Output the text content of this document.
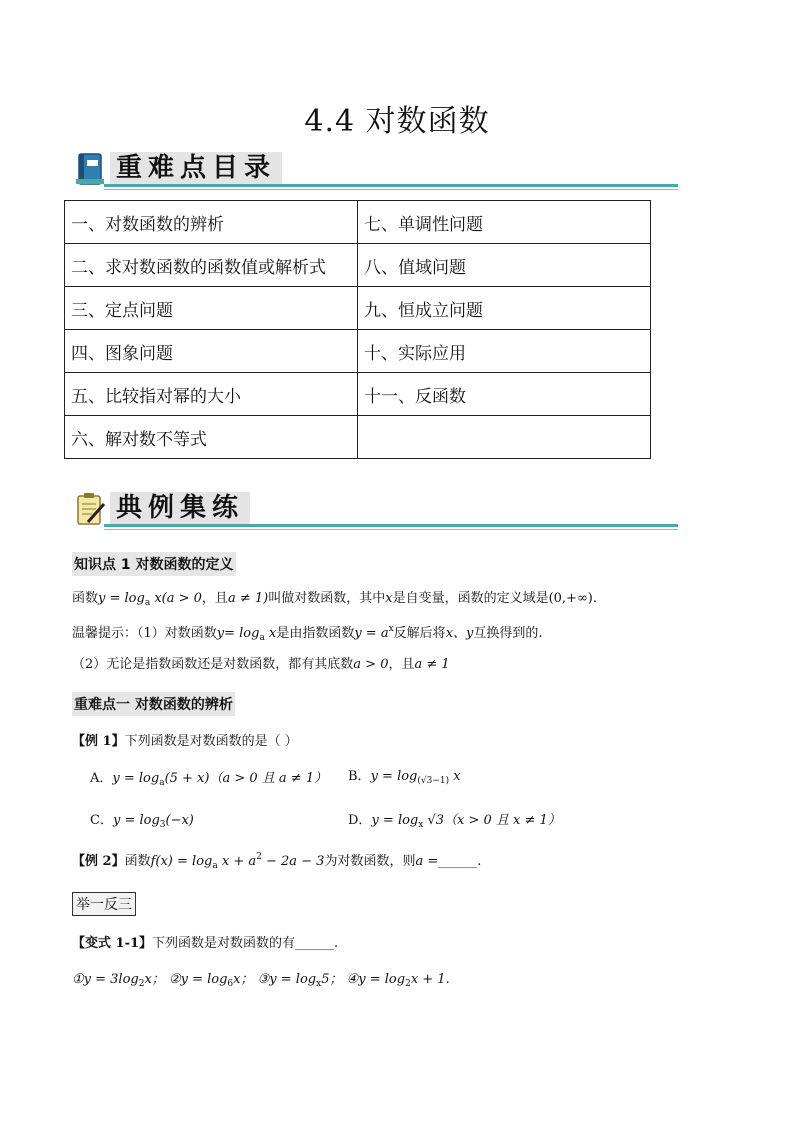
4.4 对数函数
重难点目录
一、对数函数的辨析	七、单调性问题
二、求对数函数的函数值或解析式	八、值域问题
三、定点问题	九、恒成立问题
四、图象问题	十、实际应用
五、比较指对幂的大小	十一、反函数
六、解对数不等式	
典例集练
知识点 1 对数函数的定义
函数$y = \log_a x(a > 0$，且a ≠ 1)叫做对数函数，其中x是自变量，函数的定义域是(0,+∞).
温馨提示：（1）对数函数$y= \log_a x$是由指数函数$y = a^x$反解后将x、y互换得到的.
（2）无论是指数函数还是对数函数，都有其底数a > 0，且a ≠ 1
重难点一 对数函数的辨析
【例 1】下列函数是对数函数的是（ ）
A．$y = \log_a(5 + x)(a > 0$ 且 a ≠ 1） B．$y = \log_{(√3-1)} x$
C．$y = \log_3(-x)$	D．$y = \log_x √3(x > 0$ 且 x ≠ 1）
【例 2】函数$f(x) = \log_a x + a^2 - 2a - 3$为对数函数，则a =______.
举一反三
【变式 1-1】下列函数是对数函数的有______.
①y = $3\log_2x$； ②y = $\log_6x$； ③y = $\log_x5$； ④y = $\log_2x + 1$.
